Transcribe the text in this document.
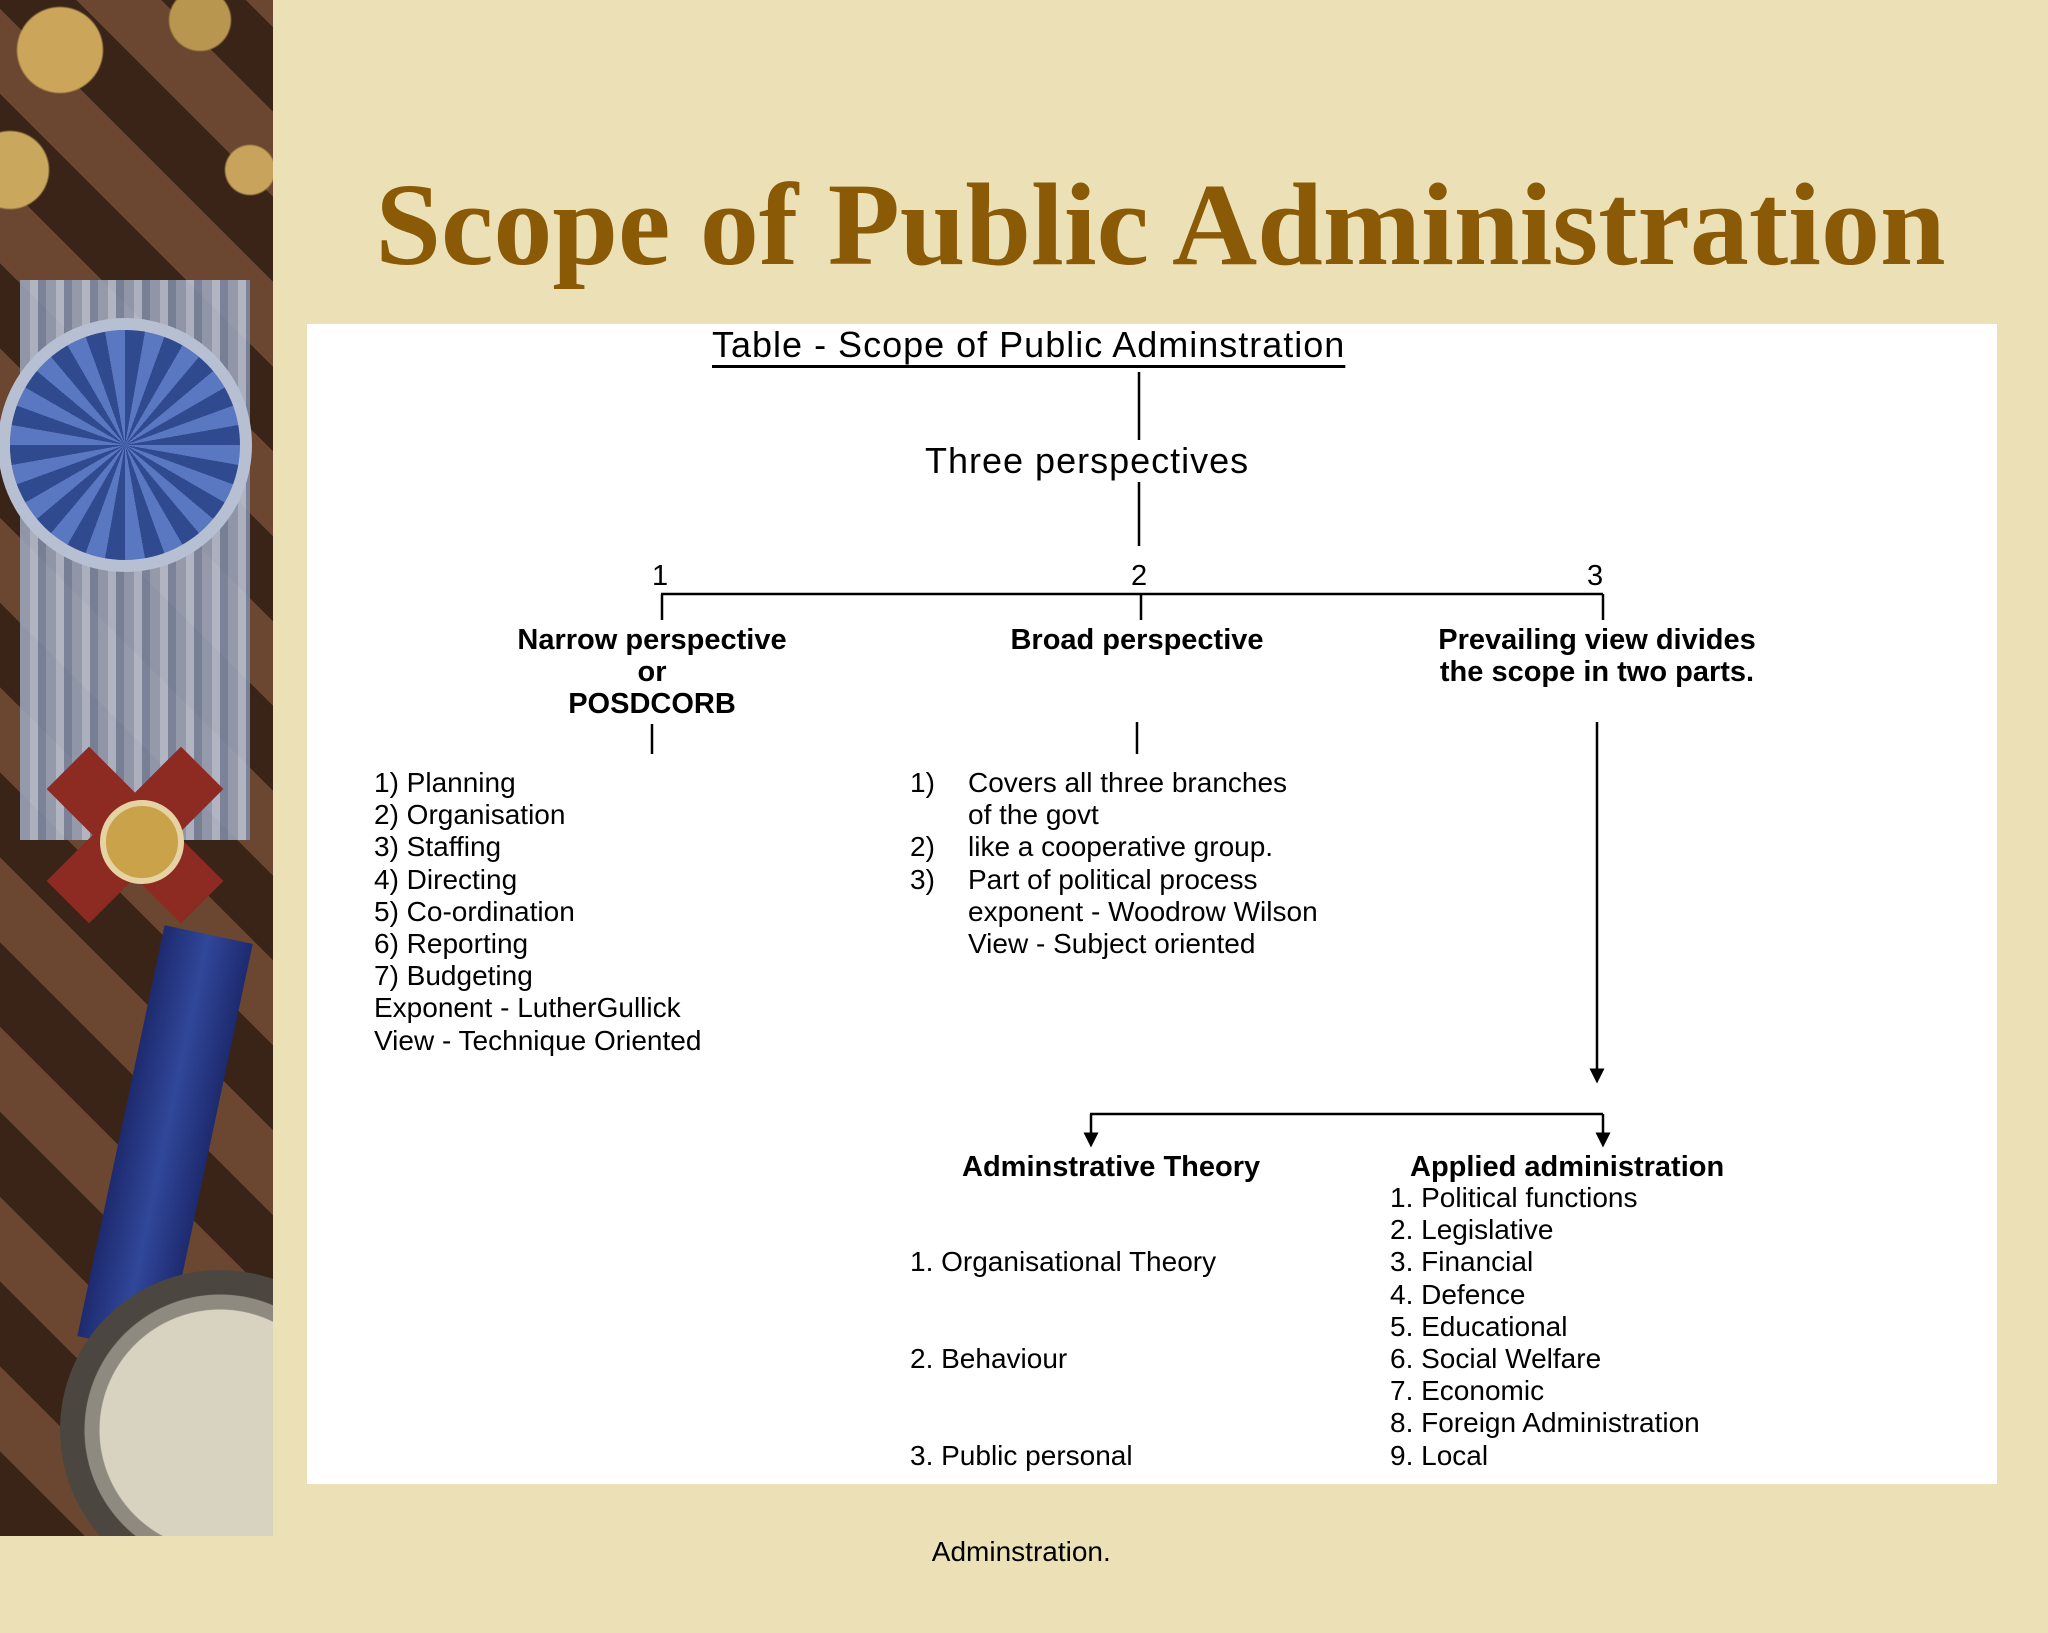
Scope of Public Administration
Table - Scope of Public Adminstration
Three perspectives
1	2	3
Narrow perspective
or
POSDCORB
Broad perspective	Prevailing view divides
the scope in two parts.
1) Planning
2) Organisation
3) Staffing
4) Directing
5) Co-ordination
6) Reporting
7) Budgeting
Exponent - LutherGullick
View - Technique Oriented
1)	Covers all three branches
of the govt
2)	like a cooperative group.
3)	Part of political process
exponent - Woodrow Wilson
View - Subject oriented
Adminstrative Theory

1. Organisational Theory

2. Behaviour

3. Public personal

Adminstration.

Applied administration
1. Political functions
2. Legislative
3. Financial
4. Defence
5. Educational
6. Social Welfare
7. Economic
8. Foreign Administration
9. Local
